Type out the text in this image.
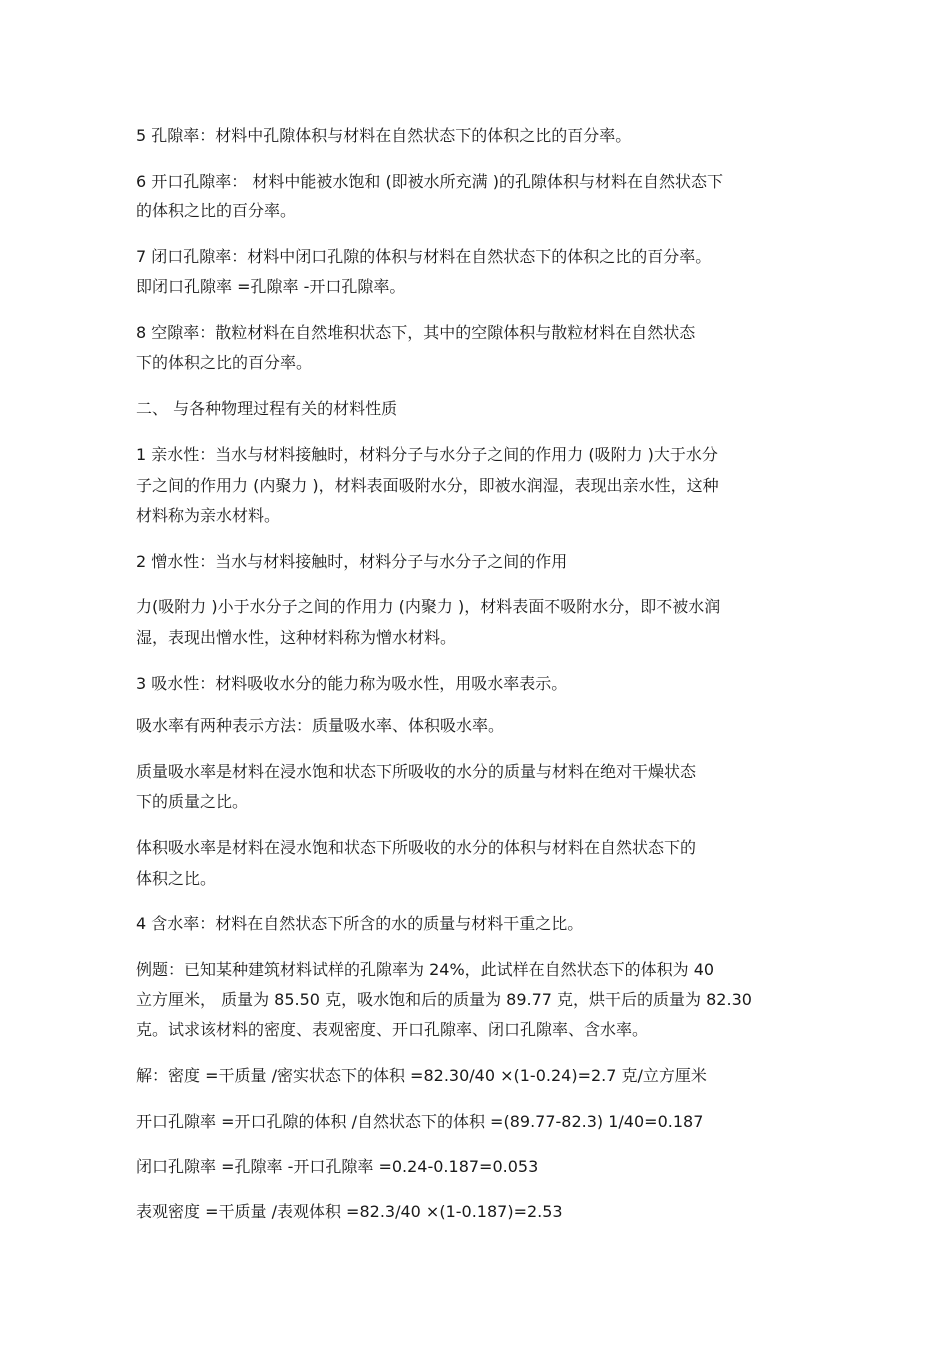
5 孔隙率：材料中孔隙体积与材料在自然状态下的体积之比的百分率。
6 开口孔隙率： 材料中能被水饱和 (即被水所充满 )的孔隙体积与材料在自然状态下
的体积之比的百分率。
7 闭口孔隙率：材料中闭口孔隙的体积与材料在自然状态下的体积之比的百分率。
即闭口孔隙率 =孔隙率 -开口孔隙率。
8 空隙率：散粒材料在自然堆积状态下，其中的空隙体积与散粒材料在自然状态
下的体积之比的百分率。
二、 与各种物理过程有关的材料性质
1 亲水性：当水与材料接触时，材料分子与水分子之间的作用力 (吸附力 )大于水分
子之间的作用力 (内聚力 )，材料表面吸附水分，即被水润湿，表现出亲水性，这种
材料称为亲水材料。
2 憎水性：当水与材料接触时，材料分子与水分子之间的作用
力(吸附力 )小于水分子之间的作用力 (内聚力 )，材料表面不吸附水分，即不被水润
湿，表现出憎水性，这种材料称为憎水材料。
3 吸水性：材料吸收水分的能力称为吸水性，用吸水率表示。
吸水率有两种表示方法：质量吸水率、体积吸水率。
质量吸水率是材料在浸水饱和状态下所吸收的水分的质量与材料在绝对干燥状态
下的质量之比。
体积吸水率是材料在浸水饱和状态下所吸收的水分的体积与材料在自然状态下的
体积之比。
4 含水率：材料在自然状态下所含的水的质量与材料干重之比。
例题：已知某种建筑材料试样的孔隙率为 24%，此试样在自然状态下的体积为 40
立方厘米， 质量为 85.50 克，吸水饱和后的质量为 89.77 克，烘干后的质量为 82.30
克。试求该材料的密度、表观密度、开口孔隙率、闭口孔隙率、含水率。
解：密度 =干质量 /密实状态下的体积 =82.30/40 ×(1-0.24)=2.7 克/立方厘米
开口孔隙率 =开口孔隙的体积 /自然状态下的体积 =(89.77-82.3) 1/40=0.187
闭口孔隙率 =孔隙率 -开口孔隙率 =0.24-0.187=0.053
表观密度 =干质量 /表观体积 =82.3/40 ×(1-0.187)=2.53
